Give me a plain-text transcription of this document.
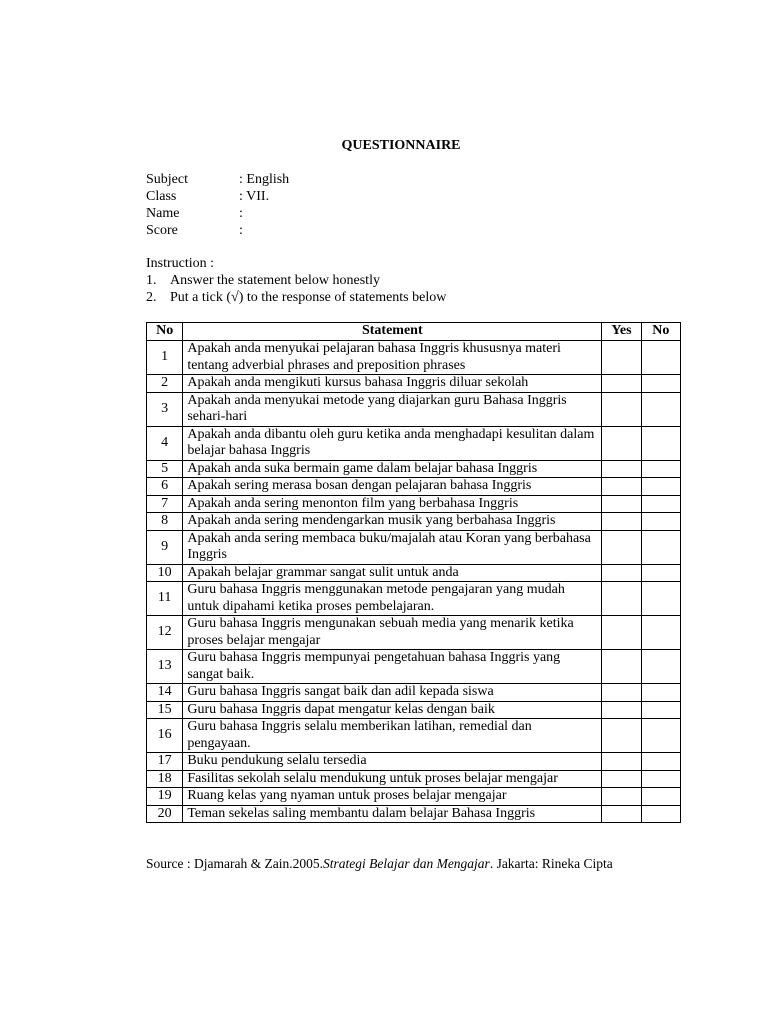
QUESTIONNAIRE
Subject	: English
Class	: VII.
Name	:
Score	:
Instruction :
1. Answer the statement below honestly
2. Put a tick (√) to the response of statements below
No	Statement	Yes	No
1	Apakah anda menyukai pelajaran bahasa Inggris khususnya materi tentang adverbial phrases and preposition phrases		
2	Apakah anda mengikuti kursus bahasa Inggris diluar sekolah		
3	Apakah anda menyukai metode yang diajarkan guru Bahasa Inggris sehari-hari		
4	Apakah anda dibantu oleh guru ketika anda menghadapi kesulitan dalam belajar bahasa Inggris		
5	Apakah anda suka bermain game dalam belajar bahasa Inggris		
6	Apakah sering merasa bosan dengan pelajaran bahasa Inggris		
7	Apakah anda sering menonton film yang berbahasa Inggris		
8	Apakah anda sering mendengarkan musik yang berbahasa Inggris		
9	Apakah anda sering membaca buku/majalah atau Koran yang berbahasa Inggris		
10	Apakah belajar grammar sangat sulit untuk anda		
11	Guru bahasa Inggris menggunakan metode pengajaran yang mudah untuk dipahami ketika proses pembelajaran.		
12	Guru bahasa Inggris mengunakan sebuah media yang menarik ketika proses belajar mengajar		
13	Guru bahasa Inggris mempunyai pengetahuan bahasa Inggris yang sangat baik.		
14	Guru bahasa Inggris sangat baik dan adil kepada siswa		
15	Guru bahasa Inggris dapat mengatur kelas dengan baik		
16	Guru bahasa Inggris selalu memberikan latihan, remedial dan pengayaan.		
17	Buku pendukung selalu tersedia		
18	Fasilitas sekolah selalu mendukung untuk proses belajar mengajar		
19	Ruang kelas yang nyaman untuk proses belajar mengajar		
20	Teman sekelas saling membantu dalam belajar Bahasa Inggris		
Source : Djamarah & Zain.2005.Strategi Belajar dan Mengajar. Jakarta: Rineka Cipta
